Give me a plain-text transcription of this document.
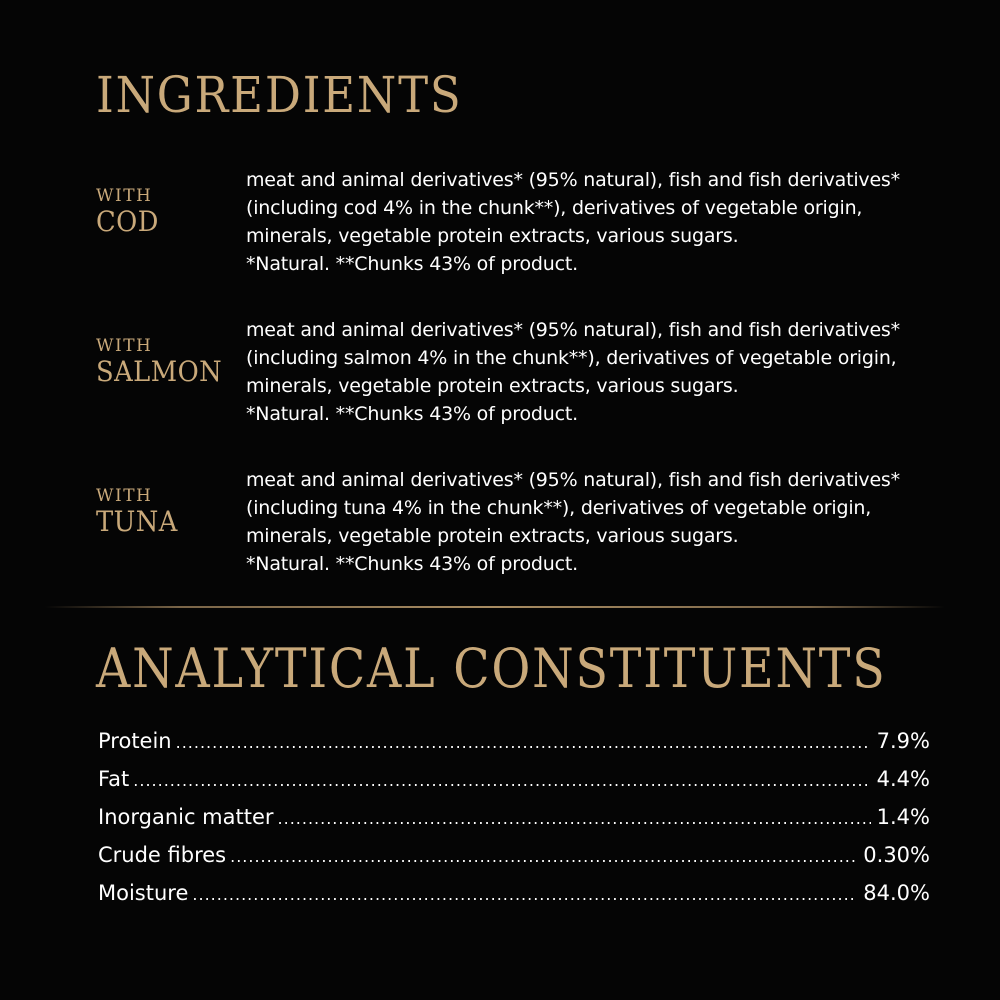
INGREDIENTS
WITH
COD
meat and animal derivatives* (95% natural), fish and fish derivatives*
(including cod 4% in the chunk**), derivatives of vegetable origin,
minerals, vegetable protein extracts, various sugars.
*Natural. **Chunks 43% of product.
WITH
SALMON
meat and animal derivatives* (95% natural), fish and fish derivatives*
(including salmon 4% in the chunk**), derivatives of vegetable origin,
minerals, vegetable protein extracts, various sugars.
*Natural. **Chunks 43% of product.
WITH
TUNA
meat and animal derivatives* (95% natural), fish and fish derivatives*
(including tuna 4% in the chunk**), derivatives of vegetable origin,
minerals, vegetable protein extracts, various sugars.
*Natural. **Chunks 43% of product.
ANALYTICAL CONSTITUENTS
Protein .....	7.9%
Fat .....	4.4%
Inorganic matter .....	1.4%
Crude fibres .....	0.30%
Moisture .....	84.0%
